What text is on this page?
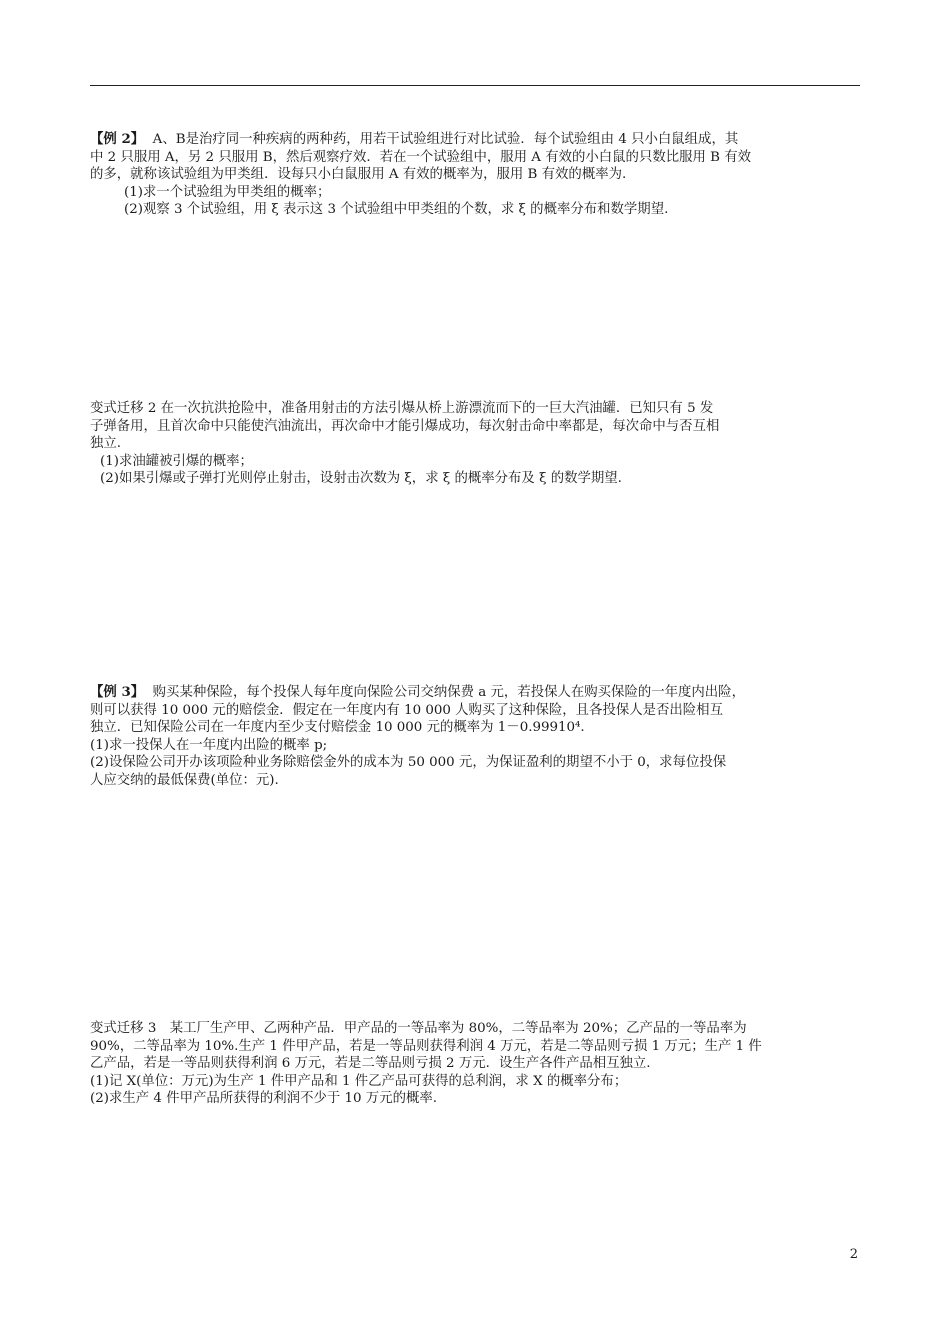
【例 2】 A、B是治疗同一种疾病的两种药，用若干试验组进行对比试验．每个试验组由 4 只小白鼠组成，其

中 2 只服用 A，另 2 只服用 B，然后观察疗效．若在一个试验组中，服用 A 有效的小白鼠的只数比服用 B 有效

的多，就称该试验组为甲类组．设每只小白鼠服用 A 有效的概率为，服用 B 有效的概率为.

(1)求一个试验组为甲类组的概率；

(2)观察 3 个试验组，用 ξ 表示这 3 个试验组中甲类组的个数，求 ξ 的概率分布和数学期望.

变式迁移 2 在一次抗洪抢险中，准备用射击的方法引爆从桥上游漂流而下的一巨大汽油罐．已知只有 5 发

子弹备用，且首次命中只能使汽油流出，再次命中才能引爆成功，每次射击命中率都是，每次命中与否互相

独立.

(1)求油罐被引爆的概率；

(2)如果引爆或子弹打光则停止射击，设射击次数为 ξ，求 ξ 的概率分布及 ξ 的数学期望.

【例 3】 购买某种保险，每个投保人每年度向保险公司交纳保费 a 元，若投保人在购买保险的一年度内出险，

则可以获得 10 000 元的赔偿金．假定在一年度内有 10 000 人购买了这种保险，且各投保人是否出险相互

独立．已知保险公司在一年度内至少支付赔偿金 10 000 元的概率为 1－0.99910⁴.

(1)求一投保人在一年度内出险的概率 p;

(2)设保险公司开办该项险种业务除赔偿金外的成本为 50 000 元，为保证盈利的期望不小于 0，求每位投保

人应交纳的最低保费(单位：元).

变式迁移 3　某工厂生产甲、乙两种产品．甲产品的一等品率为 80%，二等品率为 20%；乙产品的一等品率为

90%，二等品率为 10%.生产 1 件甲产品，若是一等品则获得利润 4 万元，若是二等品则亏损 1 万元；生产 1 件

乙产品，若是一等品则获得利润 6 万元，若是二等品则亏损 2 万元．设生产各件产品相互独立.

(1)记 X(单位：万元)为生产 1 件甲产品和 1 件乙产品可获得的总利润，求 X 的概率分布；

(2)求生产 4 件甲产品所获得的利润不少于 10 万元的概率.

2
